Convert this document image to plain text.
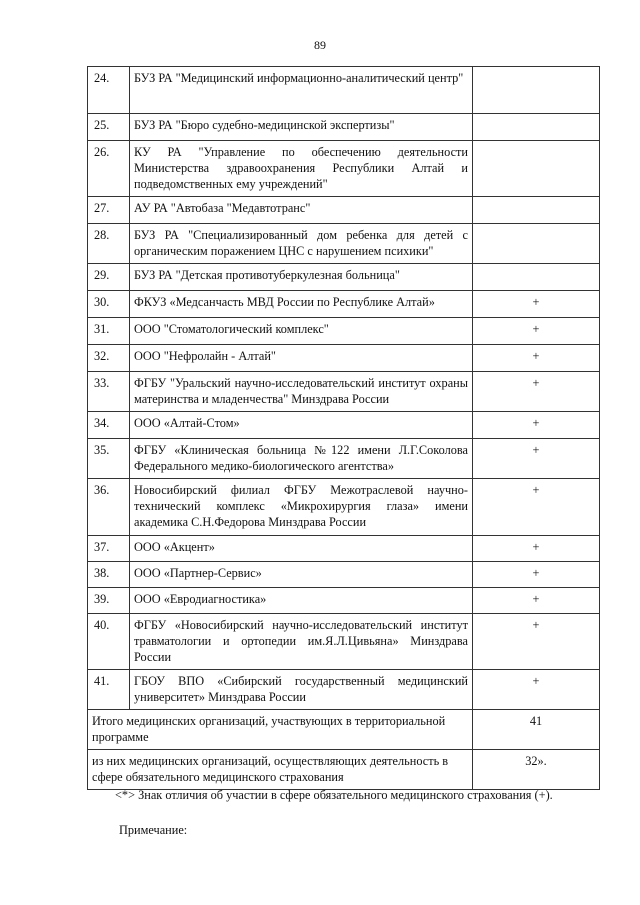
89
24.	БУЗ РА "Медицинский информационно-аналитический центр"	
25.	БУЗ РА "Бюро судебно-медицинской экспертизы"	
26.	КУ РА "Управление по обеспечению деятельности Министерства здравоохранения Республики Алтай и подведомственных ему учреждений"	
27.	АУ РА "Автобаза "Медавтотранс"	
28.	БУЗ РА "Специализированный дом ребенка для детей с органическим поражением ЦНС с нарушением психики"	
29.	БУЗ РА "Детская противотуберкулезная больница"	
30.	ФКУЗ «Медсанчасть МВД России по Республике Алтай»	+
31.	ООО "Стоматологический комплекс"	+
32.	ООО "Нефролайн - Алтай"	+
33.	ФГБУ "Уральский научно-исследовательский институт охраны материнства и младенчества" Минздрава России	+
34.	ООО «Алтай-Стом»	+
35.	ФГБУ «Клиническая больница №122 имени Л.Г.Соколова Федерального медико-биологического агентства»	+
36.	Новосибирский филиал ФГБУ Межотраслевой научно-технический комплекс «Микрохирургия глаза» имени академика С.Н.Федорова Минздрава России	+
37.	ООО «Акцент»	+
38.	ООО «Партнер-Сервис»	+
39.	ООО «Евродиагностика»	+
40.	ФГБУ «Новосибирский научно-исследовательский институт травматологии и ортопедии им.Я.Л.Цивьяна» Минздрава России	+
41.	ГБОУ ВПО «Сибирский государственный медицинский университет» Минздрава России	+
Итого медицинских организаций, участвующих в территориальной программе		41
из них медицинских организаций, осуществляющих деятельность в сфере обязательного медицинского страхования		32».
<*> Знак отличия об участии в сфере обязательного медицинского страхования (+).
Примечание:
